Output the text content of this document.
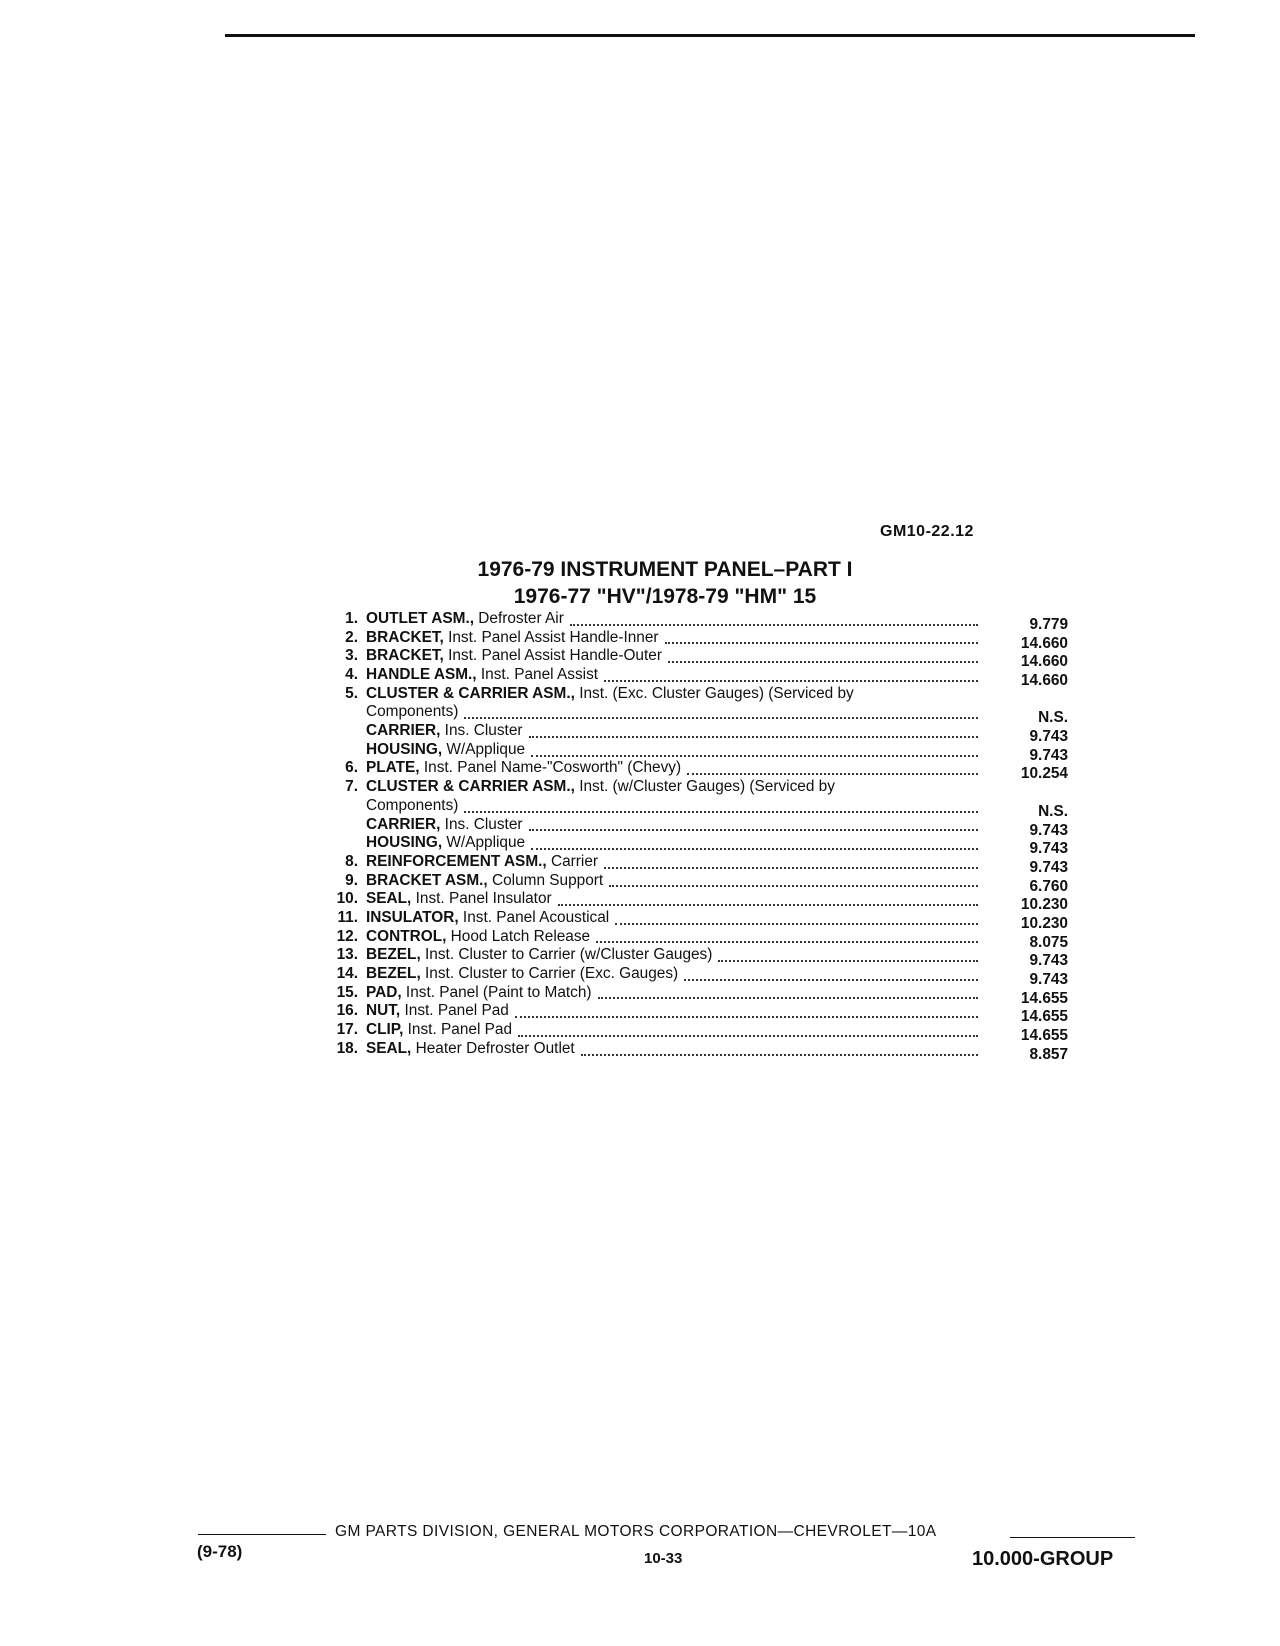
GM10-22.12
1976-79 INSTRUMENT PANEL–PART I
1976-77 "HV"/1978-79 "HM" 15
1. OUTLET ASM., Defroster Air	9.779
2. BRACKET, Inst. Panel Assist Handle-Inner	14.660
3. BRACKET, Inst. Panel Assist Handle-Outer	14.660
4. HANDLE ASM., Inst. Panel Assist	14.660
5. CLUSTER & CARRIER ASM., Inst. (Exc. Cluster Gauges) (Serviced by
Components)	N.S.
CARRIER, Ins. Cluster	9.743
HOUSING, W/Applique	9.743
6. PLATE, Inst. Panel Name-"Cosworth" (Chevy)	10.254
7. CLUSTER & CARRIER ASM., Inst. (w/Cluster Gauges) (Serviced by
Components)	N.S.
CARRIER, Ins. Cluster	9.743
HOUSING, W/Applique	9.743
8. REINFORCEMENT ASM., Carrier	9.743
9. BRACKET ASM., Column Support	6.760
10. SEAL, Inst. Panel Insulator	10.230
11. INSULATOR, Inst. Panel Acoustical	10.230
12. CONTROL, Hood Latch Release	8.075
13. BEZEL, Inst. Cluster to Carrier (w/Cluster Gauges)	9.743
14. BEZEL, Inst. Cluster to Carrier (Exc. Gauges)	9.743
15. PAD, Inst. Panel (Paint to Match)	14.655
16. NUT, Inst. Panel Pad	14.655
17. CLIP, Inst. Panel Pad	14.655
18. SEAL, Heater Defroster Outlet	8.857
GM PARTS DIVISION, GENERAL MOTORS CORPORATION—CHEVROLET—10A
(9-78)	10-33	10.000-GROUP
